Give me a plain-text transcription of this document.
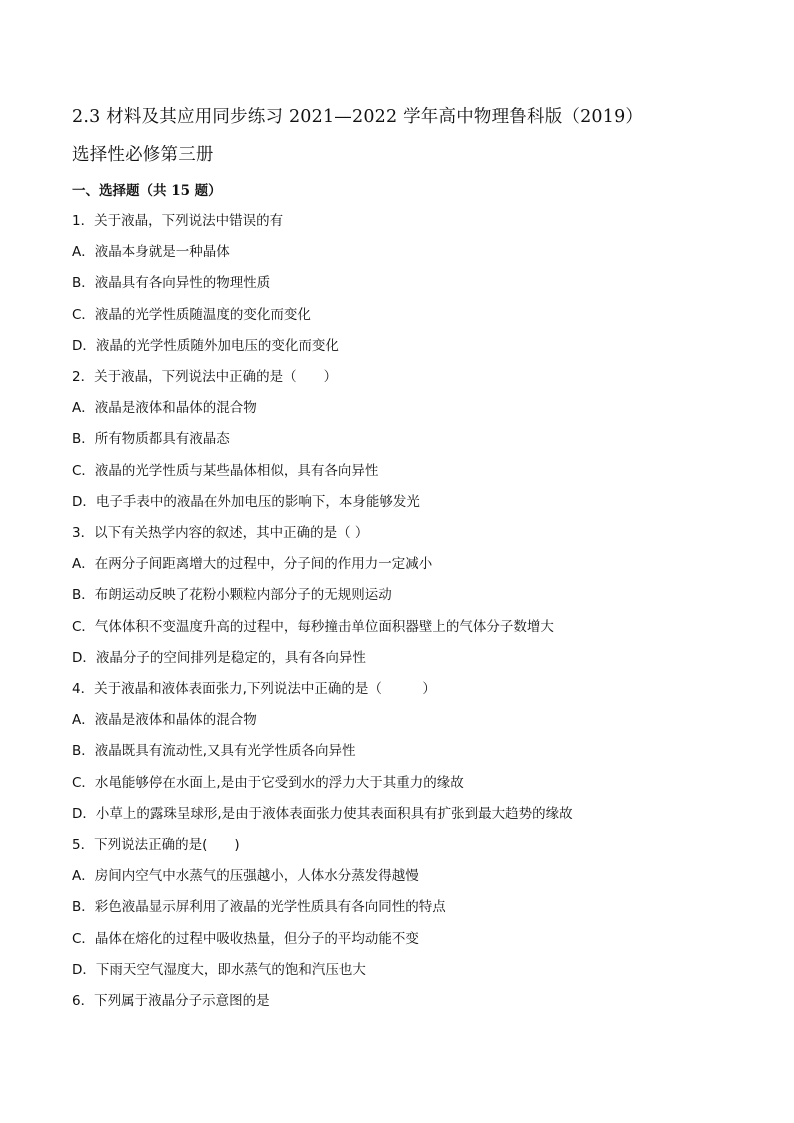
2.3 材料及其应用同步练习 2021—2022 学年高中物理鲁科版（2019）
选择性必修第三册
一、选择题（共 15 题）
1．关于液晶，下列说法中错误的有
A．液晶本身就是一种晶体
B．液晶具有各向异性的物理性质
C．液晶的光学性质随温度的变化而变化
D．液晶的光学性质随外加电压的变化而变化
2．关于液晶，下列说法中正确的是（　　）
A．液晶是液体和晶体的混合物
B．所有物质都具有液晶态
C．液晶的光学性质与某些晶体相似，具有各向异性
D．电子手表中的液晶在外加电压的影响下，本身能够发光
3．以下有关热学内容的叙述，其中正确的是（ ）
A．在两分子间距离增大的过程中，分子间的作用力一定减小
B．布朗运动反映了花粉小颗粒内部分子的无规则运动
C．气体体积不变温度升高的过程中，每秒撞击单位面积器壁上的气体分子数增大
D．液晶分子的空间排列是稳定的，具有各向异性
4．关于液晶和液体表面张力,下列说法中正确的是（　　　）
A．液晶是液体和晶体的混合物
B．液晶既具有流动性,又具有光学性质各向异性
C．水黾能够停在水面上,是由于它受到水的浮力大于其重力的缘故
D．小草上的露珠呈球形,是由于液体表面张力使其表面积具有扩张到最大趋势的缘故
5．下列说法正确的是(　　)
A．房间内空气中水蒸气的压强越小，人体水分蒸发得越慢
B．彩色液晶显示屏利用了液晶的光学性质具有各向同性的特点
C．晶体在熔化的过程中吸收热量，但分子的平均动能不变
D．下雨天空气湿度大，即水蒸气的饱和汽压也大
6．下列属于液晶分子示意图的是
